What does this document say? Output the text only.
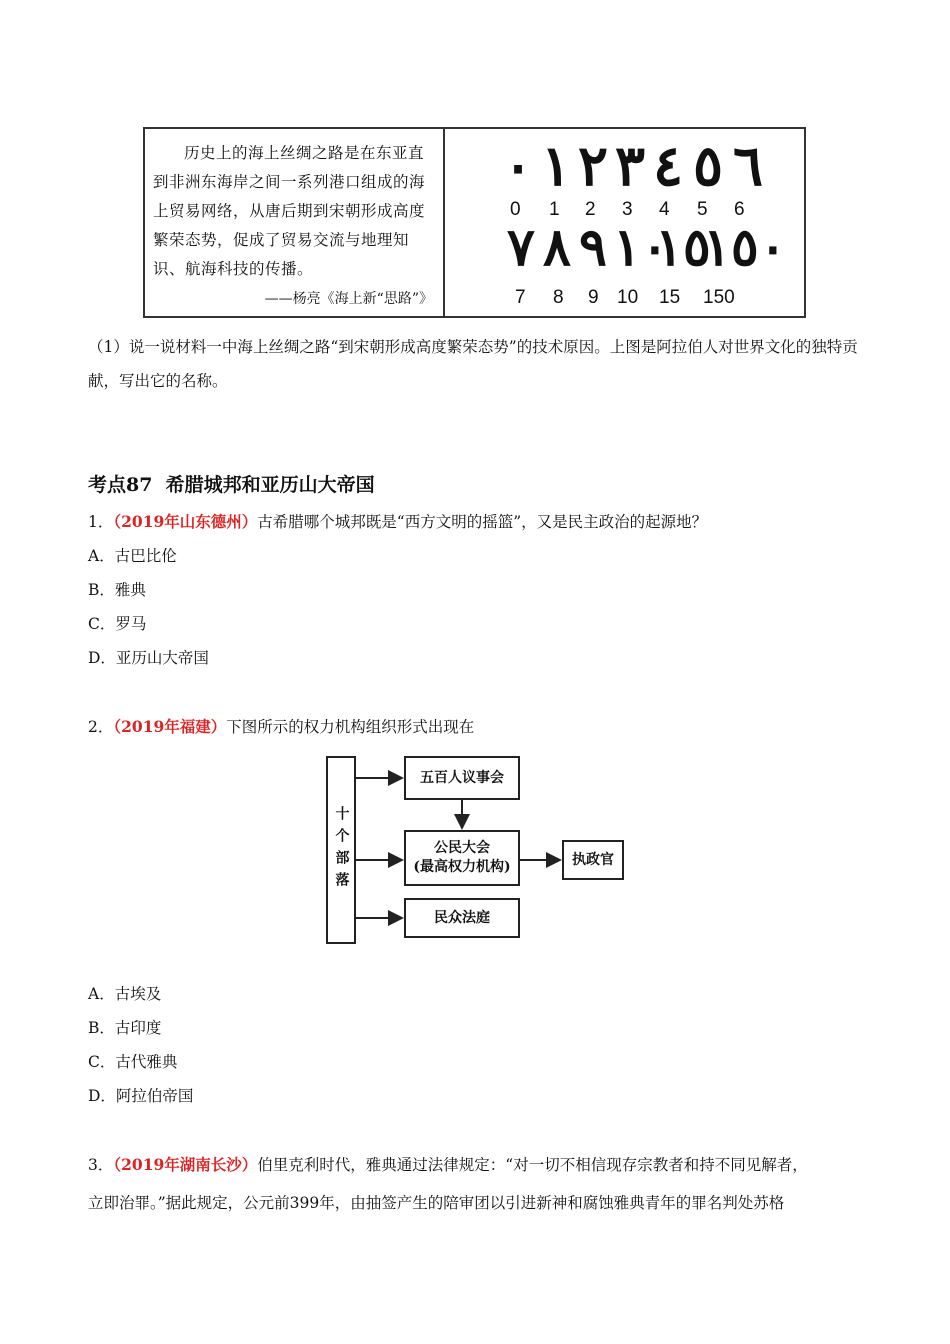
历史上的海上丝绸之路是在东亚直到非洲东海岸之间一系列港口组成的海上贸易网络，从唐后期到宋朝形成高度繁荣态势，促成了贸易交流与地理知识、航海科技的传播。
——杨亮《海上新“思路”》
٠ ١ ٢ ٣ ٤ ٥ ٦
0 1 2 3 4 5 6
٧ ٨ ٩ ١٠
١٥
١٥٠
7 8 9 10 15 150
（1）说一说材料一中海上丝绸之路“到宋朝形成高度繁荣态势”的技术原因。上图是阿拉伯人对世界文化的独特贡献，写出它的名称。
考点87  希腊城邦和亚历山大帝国
1．（2019年山东德州）古希腊哪个城邦既是“西方文明的摇篮”，又是民主政治的起源地？
A．古巴比伦
B．雅典
C．罗马
D．亚历山大帝国
2．（2019年福建）下图所示的权力机构组织形式出现在
十个部落
五百人议事会
公民大会
(最高权力机构)
民众法庭
执政官
A．古埃及
B．古印度
C．古代雅典
D．阿拉伯帝国
3．（2019年湖南长沙）伯里克利时代，雅典通过法律规定：“对一切不相信现存宗教者和持不同见解者，
立即治罪。”据此规定，公元前399年，由抽签产生的陪审团以引进新神和腐蚀雅典青年的罪名判处苏格
